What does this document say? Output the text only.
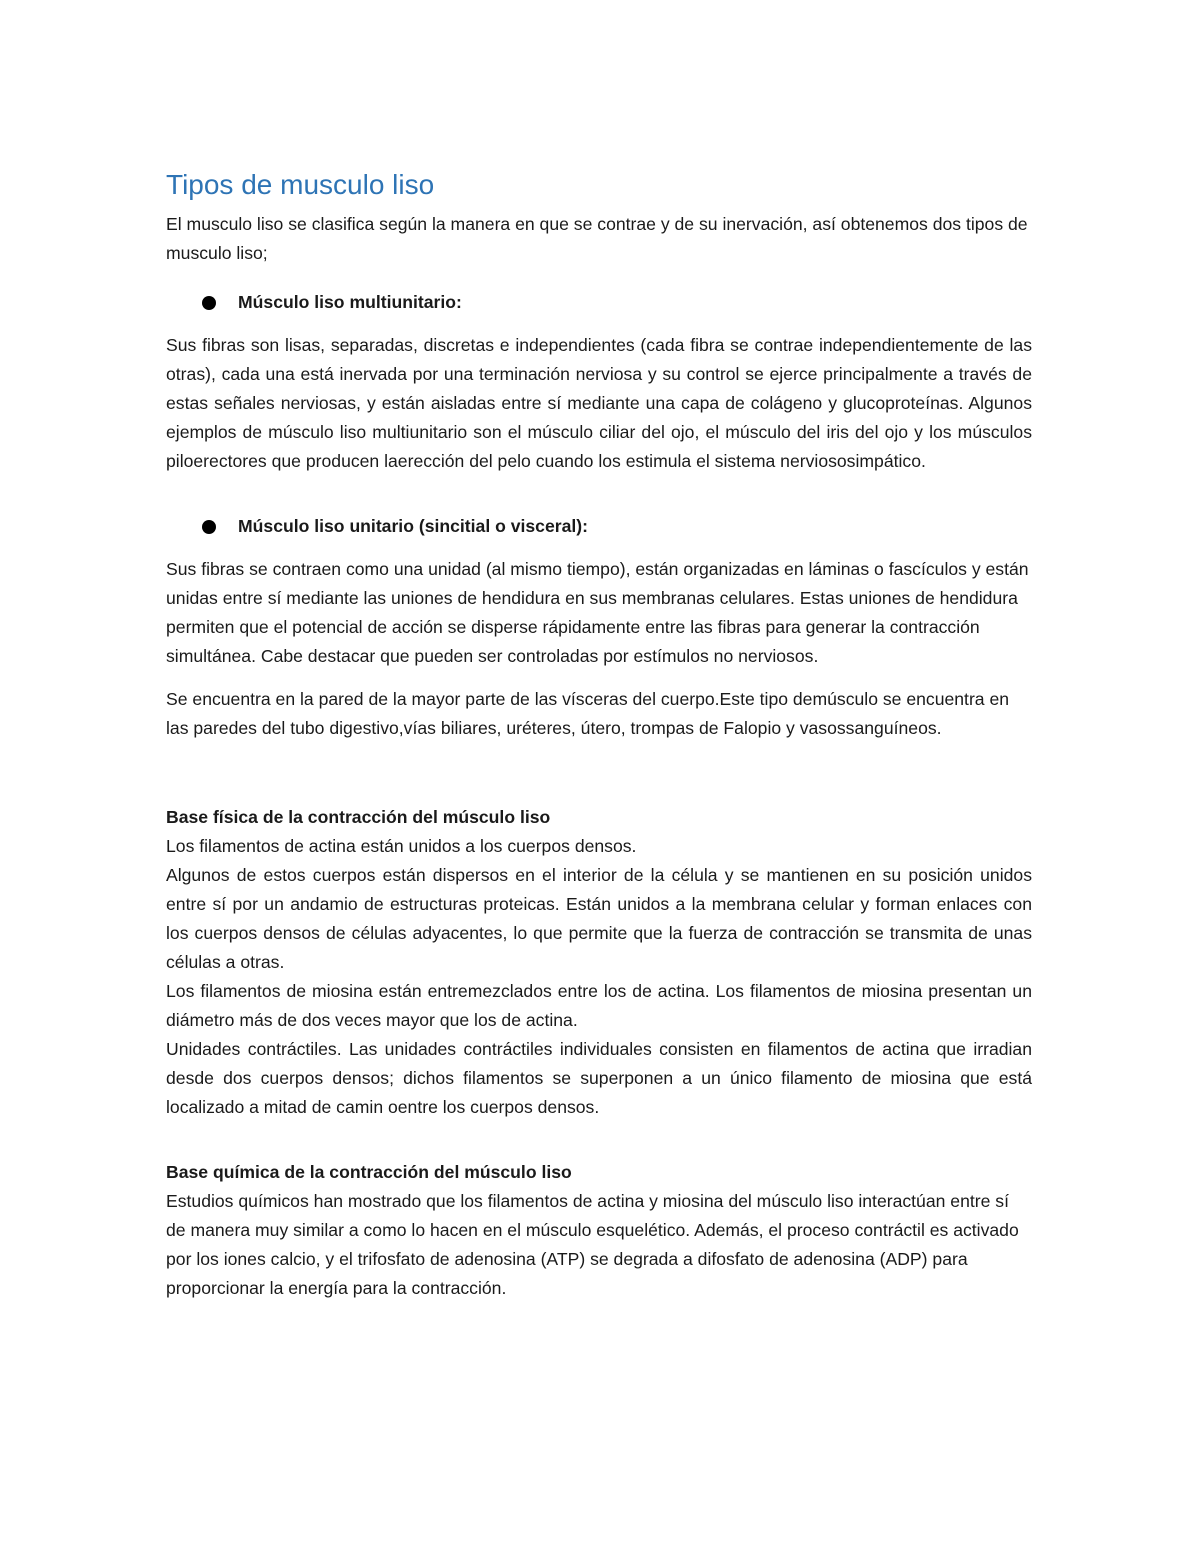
Tipos de musculo liso

El musculo liso se clasifica según la manera en que se contrae y de su inervación, así obtenemos dos tipos de musculo liso;

Músculo liso multiunitario:

Sus fibras son lisas, separadas, discretas e independientes (cada fibra se contrae independientemente de las otras), cada una está inervada por una terminación nerviosa y su control se ejerce principalmente a través de estas señales nerviosas, y están aisladas entre sí mediante una capa de colágeno y glucoproteínas. Algunos ejemplos de músculo liso multiunitario son el músculo ciliar del ojo, el músculo del iris del ojo y los músculos piloerectores que producen laerección del pelo cuando los estimula el sistema nerviososimpático.

Músculo liso unitario (sincitial o visceral):

Sus fibras se contraen como una unidad (al mismo tiempo), están organizadas en láminas o fascículos y están unidas entre sí mediante las uniones de hendidura en sus membranas celulares. Estas uniones de hendidura permiten que el potencial de acción se disperse rápidamente entre las fibras para generar la contracción simultánea. Cabe destacar que pueden ser controladas por estímulos no nerviosos.

Se encuentra en la pared de la mayor parte de las vísceras del cuerpo.Este tipo demúsculo se encuentra en las paredes del tubo digestivo,vías biliares, uréteres, útero, trompas de Falopio y vasossanguíneos.

Base física de la contracción del músculo liso

Los filamentos de actina están unidos a los cuerpos densos.

Algunos de estos cuerpos están dispersos en el interior de la célula y se mantienen en su posición unidos entre sí por un andamio de estructuras proteicas. Están unidos a la membrana celular y forman enlaces con los cuerpos densos de células adyacentes, lo que permite que la fuerza de contracción se transmita de unas células a otras.

Los filamentos de miosina están entremezclados entre los de actina. Los filamentos de miosina presentan un diámetro más de dos veces mayor que los de actina.

Unidades contráctiles. Las unidades contráctiles individuales consisten en filamentos de actina que irradian desde dos cuerpos densos; dichos filamentos se superponen a un único filamento de miosina que está localizado a mitad de camin oentre los cuerpos densos.

Base química de la contracción del músculo liso

Estudios químicos han mostrado que los filamentos de actina y miosina del músculo liso interactúan entre sí de manera muy similar a como lo hacen en el músculo esquelético. Además, el proceso contráctil es activado por los iones calcio, y el trifosfato de adenosina (ATP) se degrada a difosfato de adenosina (ADP) para proporcionar la energía para la contracción.
